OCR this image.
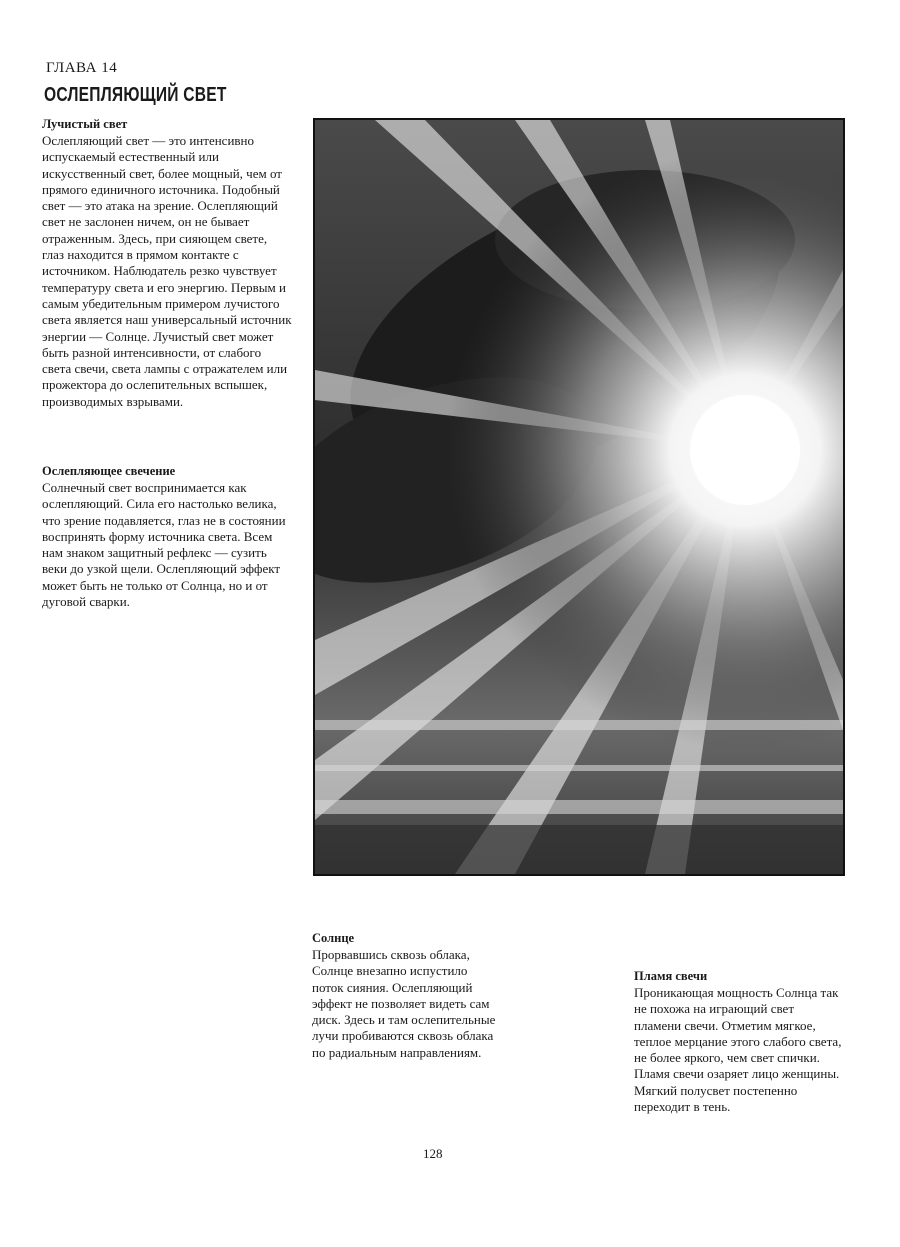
ГЛАВА 14
ОСЛЕПЛЯЮЩИЙ СВЕТ
Лучистый свет

Ослепляющий свет — это интенсивно испускаемый естественный или искусственный свет, более мощный, чем от прямого единичного источника. Подобный свет — это атака на зрение. Ослепляющий свет не заслонен ничем, он не бывает отраженным. Здесь, при сияющем свете, глаз находится в прямом контакте с источником. Наблюдатель резко чувствует температуру света и его энергию. Первым и самым убедительным примером лучистого света является наш универсальный источник энергии — Солнце. Лучистый свет может быть разной интенсивности, от слабого света свечи, света лампы с отражателем или прожектора до ослепительных вспышек, производимых взрывами.

Ослепляющее свечение

Солнечный свет воспринимается как ослепляющий. Сила его настолько велика, что зрение подавляется, глаз не в состоянии воспринять форму источника света. Всем нам знаком защитный рефлекс — сузить веки до узкой щели. Ослепляющий эффект может быть не только от Солнца, но и от дуговой сварки.

Солнце

Прорвавшись сквозь облака, Солнце внезапно испустило поток сияния. Ослепляющий эффект не позволяет видеть сам диск. Здесь и там ослепительные лучи пробиваются сквозь облака по радиальным направлениям.

Пламя свечи

Проникающая мощность Солнца так не похожа на играющий свет пламени свечи. Отметим мягкое, теплое мерцание этого слабого света, не более яркого, чем свет спички. Пламя свечи озаряет лицо женщины. Мягкий полусвет постепенно переходит в тень.

128
